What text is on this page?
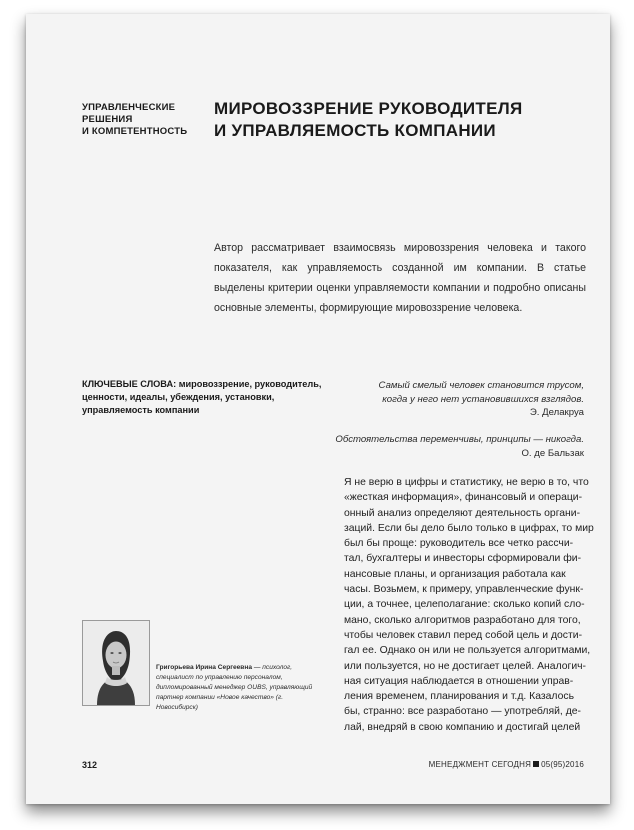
УПРАВЛЕНЧЕСКИЕ
РЕШЕНИЯ
И КОМПЕТЕНТНОСТЬ
МИРОВОЗЗРЕНИЕ РУКОВОДИТЕЛЯ
И УПРАВЛЯЕМОСТЬ КОМПАНИИ
Автор рассматривает взаимосвязь мировоззрения человека и такого показателя, как управляемость созданной им компании. В статье выделены критерии оценки управляемости компании и подробно описаны основные элементы, формирующие мировоззрение человека.
КЛЮЧЕВЫЕ СЛОВА: мировоззрение, руководитель, ценности, идеалы, убеждения, установки, управляемость компании
Самый смелый человек становится трусом,
когда у него нет установившихся взглядов.
Э. Делакруа
Обстоятельства переменчивы, принципы — никогда.
О. де Бальзак
Я не верю в цифры и статистику, не верю в то, что
«жесткая информация», финансовый и операци-
онный анализ определяют деятельность органи-
заций. Если бы дело было только в цифрах, то мир
был бы проще: руководитель все четко рассчи-
тал, бухгалтеры и инвесторы сформировали фи-
нансовые планы, и организация работала как
часы. Возьмем, к примеру, управленческие функ-
ции, а точнее, целеполагание: сколько копий сло-
мано, сколько алгоритмов разработано для того,
чтобы человек ставил перед собой цель и дости-
гал ее. Однако он или не пользуется алгоритмами,
или пользуется, но не достигает целей. Аналогич-
ная ситуация наблюдается в отношении управ-
ления временем, планирования и т.д. Казалось
бы, странно: все разработано — употребляй, де-
лай, внедряй в свою компанию и достигай целей
Григорьева Ирина Сергеевна — психолог, специалист по управлению персоналом, дипломированный менеджер OUBS, управляющий партнер компании «Новое качество» (г. Новосибирск)
312	МЕНЕДЖМЕНТ СЕГОДНЯ 05(95)2016
